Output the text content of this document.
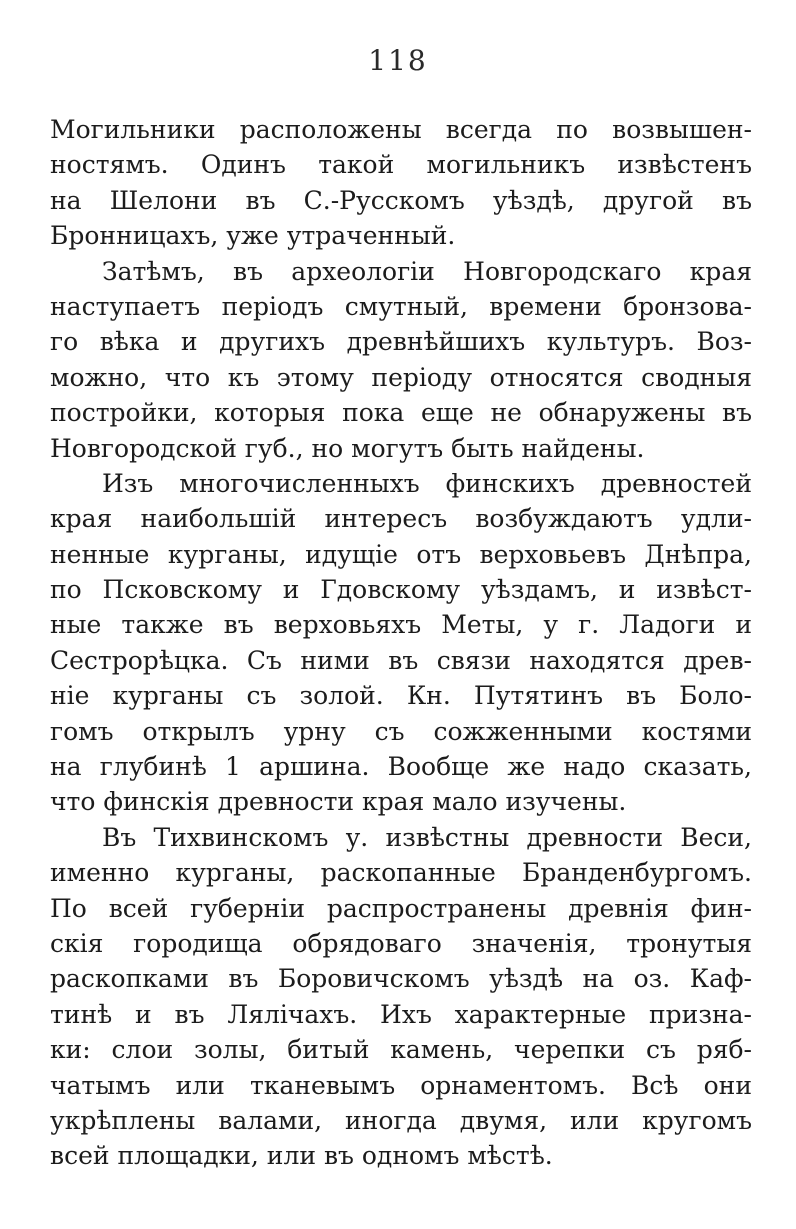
118
Могильники расположены всегда по возвышен-
ностямъ. Одинъ такой могильникъ извѣстенъ
на Шелони въ С.-Русскомъ уѣздѣ, другой въ
Бронницахъ, уже утраченный.
Затѣмъ, въ археологіи Новгородскаго края
наступаетъ періодъ смутный, времени бронзова-
го вѣка и другихъ древнѣйшихъ культуръ. Воз-
можно, что къ этому періоду относятся сводныя
постройки, которыя пока еще не обнаружены въ
Новгородской губ., но могутъ быть найдены.
Изъ многочисленныхъ финскихъ древностей
края наибольшій интересъ возбуждаютъ удли-
ненные курганы, идущіе отъ верховьевъ Днѣпра,
по Псковскому и Гдовскому уѣздамъ, и извѣст-
ные также въ верховьяхъ Меты, у г. Ладоги и
Сестрорѣцка. Съ ними въ связи находятся древ-
ніе курганы съ золой. Кн. Путятинъ въ Болo-
гомъ открылъ урну съ сожженными костями
на глубинѣ 1 аршина. Вообще же надо сказать,
что финскія древности края мало изучены.
Въ Тихвинскомъ у. извѣстны древности Веси,
именно курганы, раскопанные Бранденбургомъ.
По всей губерніи распространены древнія фин-
скія городища обрядоваго значенія, тронутыя
раскопками въ Боровичскомъ уѣздѣ на оз. Каф-
тинѣ и въ Лялічахъ. Ихъ характерные призна-
ки: слои золы, битый камень, черепки съ ряб-
чатымъ или тканевымъ орнаментомъ. Всѣ они
укрѣплены валами, иногда двумя, или кругомъ
всей площадки, или въ одномъ мѣстѣ.
